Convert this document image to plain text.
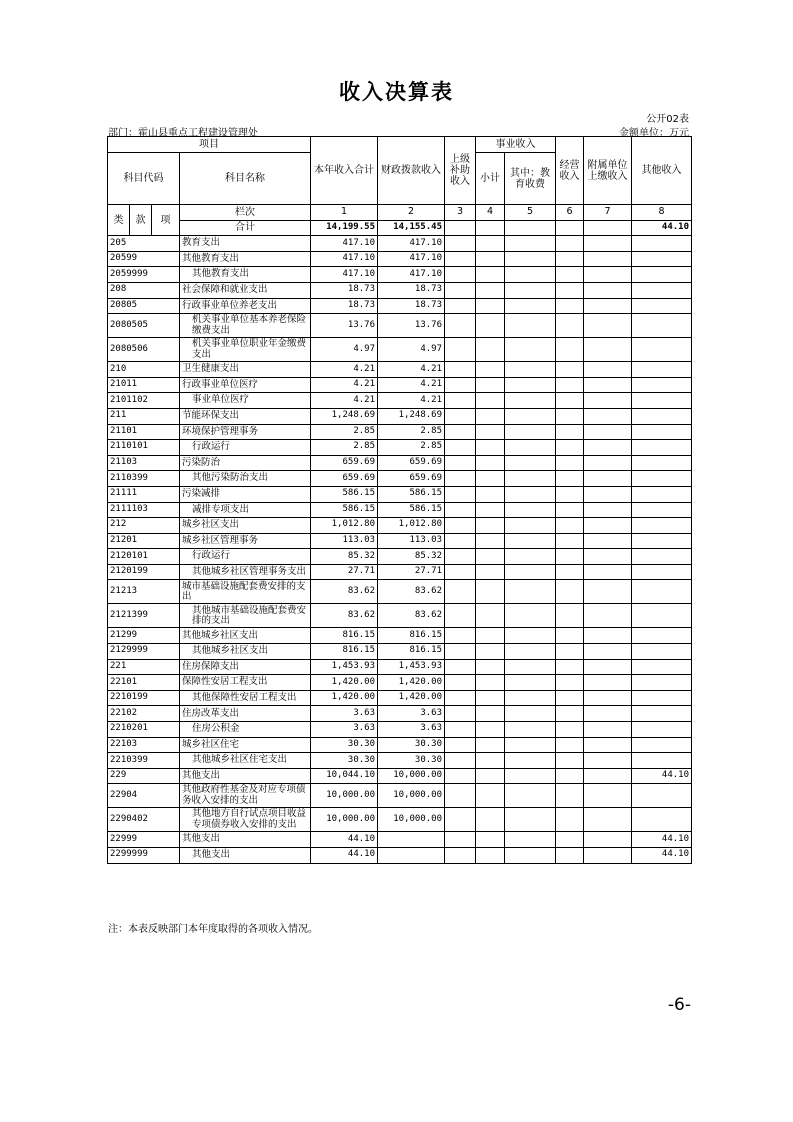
收入决算表
公开02表
部门：霍山县重点工程建设管理处	金额单位：万元
项目				本年收入合计	财政拨款收入	上级补助收入	事业收入		经营收入	附属单位上缴收入	其他收入
科目代码			科目名称				小计	其中：教育收费			

类	款	项	栏次	1	2	3	4	5	6	7	8
			合计	14,199.55	14,155.45						44.10
205			教育支出	417.10	417.10						
20599			其他教育支出	417.10	417.10						
2059999			其他教育支出	417.10	417.10						
208			社会保障和就业支出	18.73	18.73						
20805			行政事业单位养老支出	18.73	18.73						
2080505			机关事业单位基本养老保险缴费支出	13.76	13.76						
2080506			机关事业单位职业年金缴费支出	4.97	4.97						
210			卫生健康支出	4.21	4.21						
21011			行政事业单位医疗	4.21	4.21						
2101102			事业单位医疗	4.21	4.21						
211			节能环保支出	1,248.69	1,248.69						
21101			环境保护管理事务	2.85	2.85						
2110101			行政运行	2.85	2.85						
21103			污染防治	659.69	659.69						
2110399			其他污染防治支出	659.69	659.69						
21111			污染减排	586.15	586.15						
2111103			减排专项支出	586.15	586.15						
212			城乡社区支出	1,012.80	1,012.80						
21201			城乡社区管理事务	113.03	113.03						
2120101			行政运行	85.32	85.32						
2120199			其他城乡社区管理事务支出	27.71	27.71						
21213			城市基础设施配套费安排的支出	83.62	83.62						
2121399			其他城市基础设施配套费安排的支出	83.62	83.62						
21299			其他城乡社区支出	816.15	816.15						
2129999			其他城乡社区支出	816.15	816.15						
221			住房保障支出	1,453.93	1,453.93						
22101			保障性安居工程支出	1,420.00	1,420.00						
2210199			其他保障性安居工程支出	1,420.00	1,420.00						
22102			住房改革支出	3.63	3.63						
2210201			住房公积金	3.63	3.63						
22103			城乡社区住宅	30.30	30.30						
2210399			其他城乡社区住宅支出	30.30	30.30						
229			其他支出	10,044.10	10,000.00						44.10
22904			其他政府性基金及对应专项债务收入安排的支出	10,000.00	10,000.00						
2290402			其他地方自行试点项目收益专项债券收入安排的支出	10,000.00	10,000.00						
22999			其他支出	44.10							44.10
2299999			其他支出	44.10							44.10
注：本表反映部门本年度取得的各项收入情况。
-6-
